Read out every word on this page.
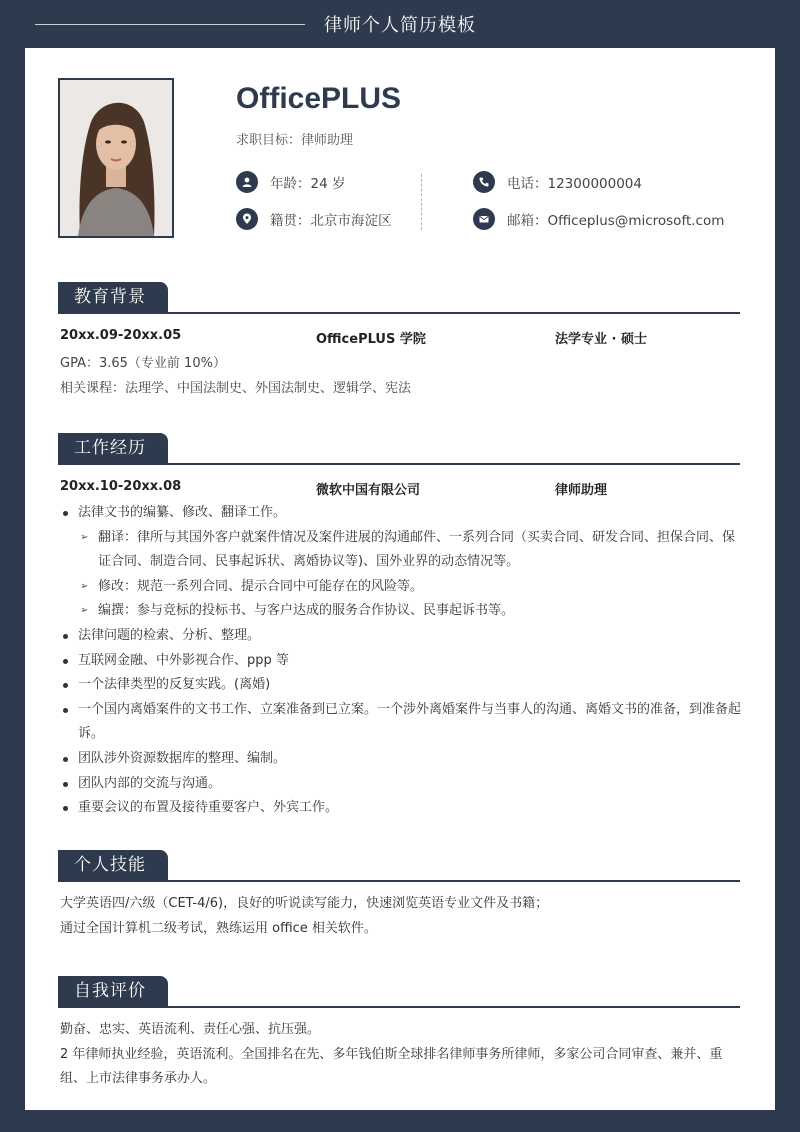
律师个人简历模板
OfficePLUS
求职目标：律师助理
年龄：24 岁
籍贯：北京市海淀区
电话：12300000004
邮箱：Officeplus@microsoft.com
教育背景
20xx.09-20xx.05	OfficePLUS 学院	法学专业 · 硕士
GPA：3.65（专业前 10%）
相关课程：法理学、中国法制史、外国法制史、逻辑学、宪法
工作经历
20xx.10-20xx.08	微软中国有限公司	律师助理
法律文书的编纂、修改、翻译工作。
➢ 翻译：律所与其国外客户就案件情况及案件进展的沟通邮件、一系列合同（买卖合同、研发合同、担保合同、保证合同、制造合同、民事起诉状、离婚协议等)、国外业界的动态情况等。
➢ 修改：规范一系列合同、提示合同中可能存在的风险等。
➢ 编撰：参与竞标的投标书、与客户达成的服务合作协议、民事起诉书等。
法律问题的检索、分析、整理。
互联网金融、中外影视合作、ppp 等
一个法律类型的反复实践。(离婚)
一个国内离婚案件的文书工作、立案准备到已立案。一个涉外离婚案件与当事人的沟通、离婚文书的准备，到准备起诉。
团队涉外资源数据库的整理、编制。
团队内部的交流与沟通。
重要会议的布置及接待重要客户、外宾工作。
个人技能
大学英语四/六级（CET-4/6)，良好的听说读写能力，快速浏览英语专业文件及书籍；
通过全国计算机二级考试，熟练运用 office 相关软件。
自我评价
勤奋、忠实、英语流利、责任心强、抗压强。
2 年律师执业经验，英语流利。全国排名在先、多年钱伯斯全球排名律师事务所律师，多家公司合同审查、兼并、重组、上市法律事务承办人。
